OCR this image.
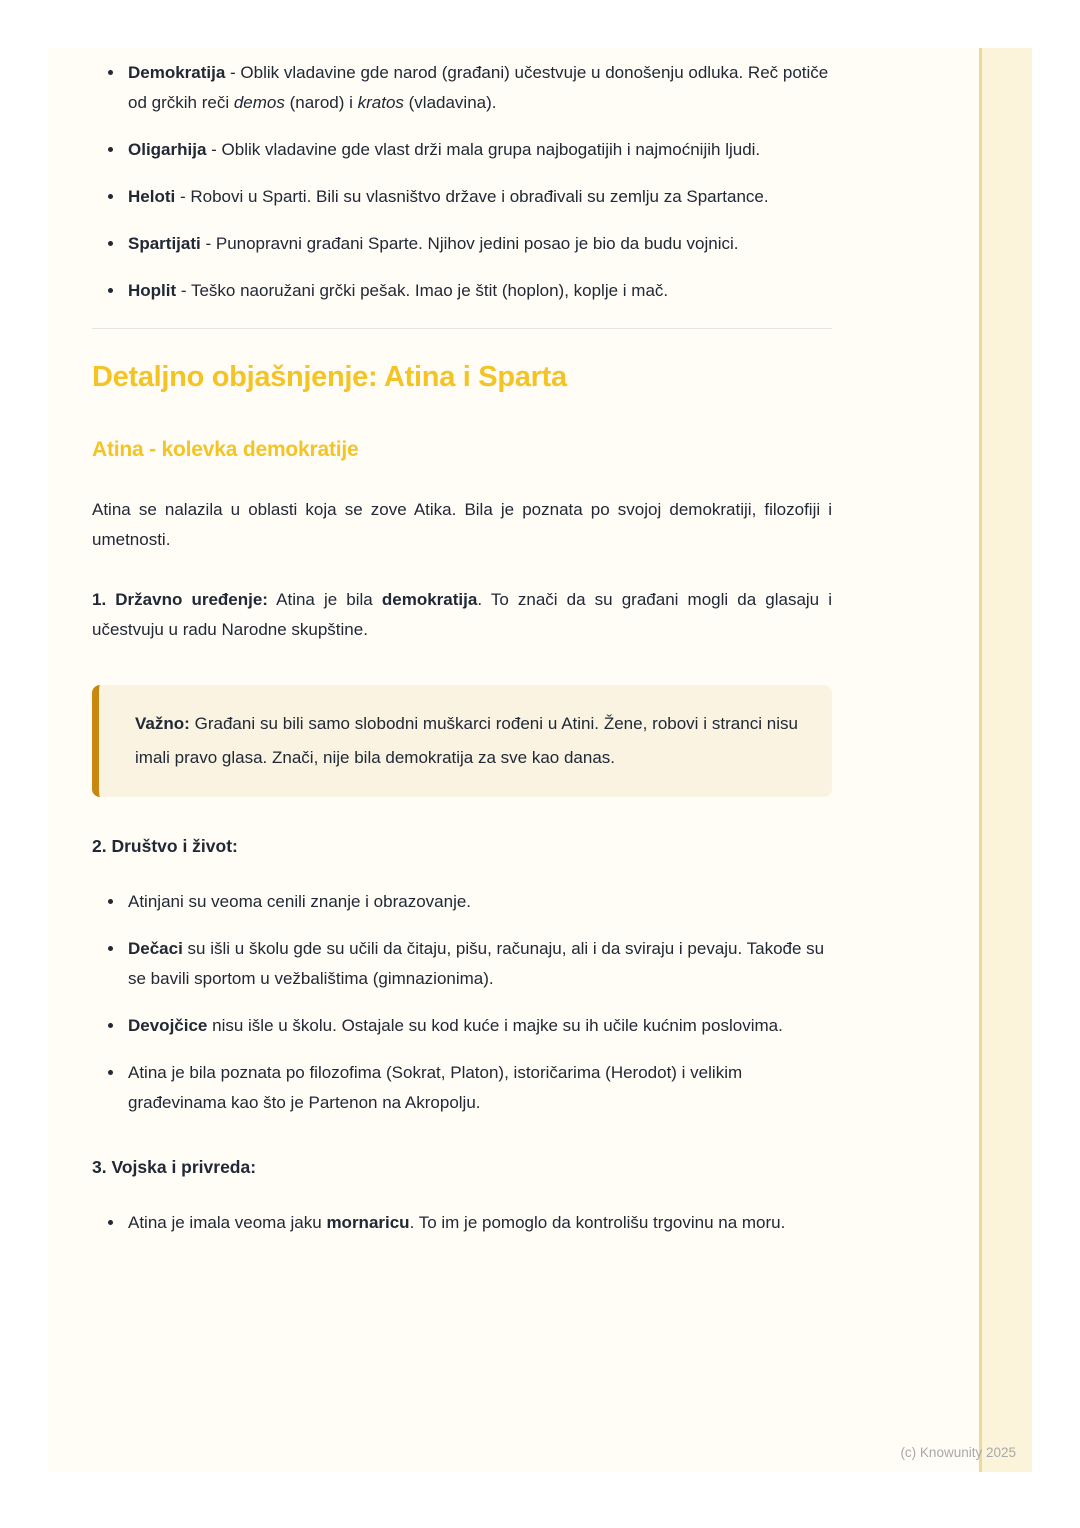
• Demokratija - Oblik vladavine gde narod (građani) učestvuje u donošenju odluka. Reč potiče od grčkih reči demos (narod) i kratos (vladavina).
• Oligarhija - Oblik vladavine gde vlast drži mala grupa najbogatijih i najmoćnijih ljudi.
• Heloti - Robovi u Sparti. Bili su vlasništvo države i obrađivali su zemlju za Spartance.
• Spartijati - Punopravni građani Sparte. Njihov jedini posao je bio da budu vojnici.
• Hoplit - Teško naoružani grčki pešak. Imao je štit (hoplon), koplje i mač.
Detaljno objašnjenje: Atina i Sparta
Atina - kolevka demokratije

Atina se nalazila u oblasti koja se zove Atika. Bila je poznata po svojoj demokratiji, filozofiji i umetnosti.

1. Državno uređenje: Atina je bila demokratija. To znači da su građani mogli da glasaju i učestvuju u radu Narodne skupštine.

Važno: Građani su bili samo slobodni muškarci rođeni u Atini. Žene, robovi i stranci nisu imali pravo glasa. Znači, nije bila demokratija za sve kao danas.

2. Društvo i život:

• Atinjani su veoma cenili znanje i obrazovanje.
• Dečaci su išli u školu gde su učili da čitaju, pišu, računaju, ali i da sviraju i pevaju. Takođe su se bavili sportom u vežbalištima (gimnazionima).
• Devojčice nisu išle u školu. Ostajale su kod kuće i majke su ih učile kućnim poslovima.
• Atina je bila poznata po filozofima (Sokrat, Platon), istoričarima (Herodot) i velikim građevinama kao što je Partenon na Akropolju.

3. Vojska i privreda:

• Atina je imala veoma jaku mornaricu. To im je pomoglo da kontrolišu trgovinu na moru.
(c) Knowunity 2025
